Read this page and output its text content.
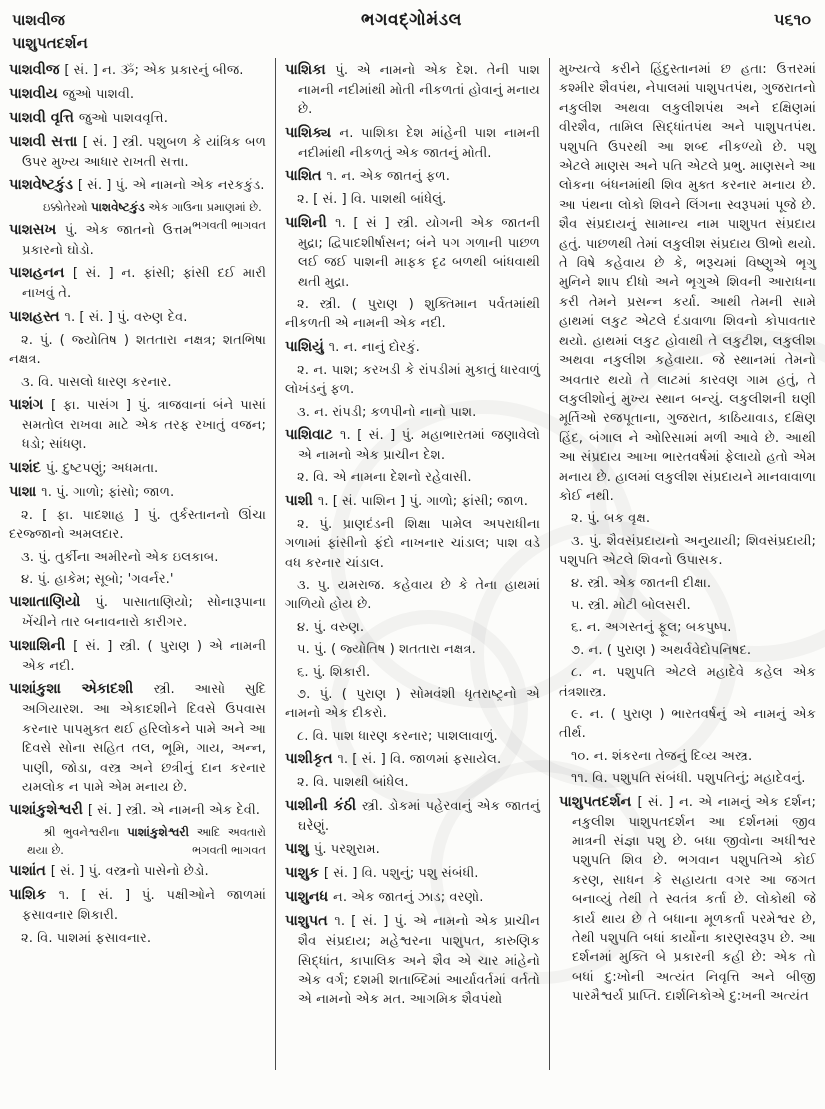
પાશવીજ	ભગવદ્ગોમંડલ	૫૬૧૦
પાશુપતદર્શન

પાશવીજ [ સં. ] ન. ૐ; એક પ્રકારનું બીજ.

પાશવીય જુઓ પાશવી.

પાશવી વૃત્તિ જુઓ પાશવવૃત્તિ.

પાશવી સત્તા [ સં. ] સ્ત્રી. પશુબળ કે યાંત્રિક બળ ઉપર મુખ્ય આધાર રાખતી સત્તા.

પાશવેષ્ટકુંડ [ સં. ] પું. એ નામનો એક નરકકુંડ.

ઇક્કોતેરમો પાશવેષ્ટકુંડ એક ગાઉના પ્રમાણમાં છે.
ભગવતી ભાગવત

પાશસખ પું. એક જાતનો ઉત્તમ પ્રકારનો ઘોડો.

પાશહનન [ સં. ] ન. ફાંસી; ફાંસી દઈ મારી નાખવું તે.

પાશહસ્ત ૧. [ સં. ] પું. વરુણ દેવ.

૨. પું. ( જ્યોતિષ ) શતતારા નક્ષત્ર; શતભિષા નક્ષત્ર.

૩. વિ. પાસલો ધારણ કરનાર.

પાશંગ [ ફા. પાસંગ ] પું. ત્રાજવાનાં બંને પાસાં સમતોલ રાખવા માટે એક તરફ રખાતું વજન; ધડો; સાંધણ.

પાશંદ પું. દુષ્ટપણું; અધમતા.

પાશા ૧. પું. ગાળો; ફાંસો; જાળ.

૨. [ ફા. પાદશાહ ] પું. તુર્કસ્તાનનો ઊંચા દરજ્જાનો અમલદાર.

૩. પું. તુર્કીના અમીરનો એક ઇલકાબ.

૪. પું. હાકેમ; સૂબો; 'ગવર્નર.'

પાશાતાણિયો પું. પાસાતાણિયો; સોનારૂપાના ખેંચીને તાર બનાવનારો કારીગર.

પાશાશિની [ સં. ] સ્ત્રી. ( પુરાણ ) એ નામની એક નદી.

પાશાંકુશા એકાદશી સ્ત્રી. આસો સુદિ અગિયારશ. આ એકાદશીને દિવસે ઉપવાસ કરનાર પાપમુક્ત થઈ હરિલોકને પામે અને આ દિવસે સોના સહિત તલ, ભૂમિ, ગાય, અન્ન, પાણી, જોડા, વસ્ત્ર અને છત્રીનું દાન કરનાર યમલોક ન પામે એમ મનાય છે.

પાશાંકુશેશ્વરી [ સં. ] સ્ત્રી. એ નામની એક દેવી.

શ્રી ભુવનેશ્વરીના પાશાંકુશેશ્વરી આદિ અવતારો થયા છે.	ભગવતી ભાગવત

પાશાંત [ સં. ] પું. વસ્ત્રનો પાસેનો છેડો.

પાશિક ૧. [ સં. ] પું. પક્ષીઓને જાળમાં ફસાવનાર શિકારી.

૨. વિ. પાશમાં ફસાવનાર.

પાશિકા પું. એ નામનો એક દેશ. તેની પાશ નામની નદીમાંથી મોતી નીકળતાં હોવાનું મનાય છે.

પાશિક્ય ન. પાશિકા દેશ માંહેની પાશ નામની નદીમાંથી નીકળતું એક જાતનું મોતી.

પાશિત ૧. ન. એક જાતનું ફળ.

૨. [ સં. ] વિ. પાશથી બાંધેલું.

પાશિની ૧. [ સં ] સ્ત્રી. યોગની એક જાતની મુદ્રા; દ્વિપાદશીર્ષાસન; બંને પગ ગળાની પાછળ લઈ જઈ પાશની માફક દૃઢ બળથી બાંધવાથી થતી મુદ્રા.

૨. સ્ત્રી. ( પુરાણ ) શુક્તિમાન પર્વતમાંથી નીકળતી એ નામની એક નદી.

પાશિયું ૧. ન. નાનું દોરકું.

૨. ન. પાશ; કરખડી કે રાંપડીમાં મુકાતું ધારવાળું લોખંડનું ફળ.

૩. ન. રાંપડી; કળપીનો નાનો પાશ.

પાશિવાટ ૧. [ સં. ] પું. મહાભારતમાં જણાવેલો એ નામનો એક પ્રાચીન દેશ.

૨. વિ. એ નામના દેશનો રહેવાસી.

પાશી ૧. [ સં. પાશિન ] પું. ગાળો; ફાંસી; જાળ.

૨. પું. પ્રાણદંડની શિક્ષા પામેલ અપરાધીના ગળામાં ફાંસીનો ફંદો નાખનાર ચાંડાલ; પાશ વડે વધ કરનાર ચાંડાલ.

૩. પુ. યમરાજ. કહેવાય છે કે તેના હાથમાં ગાળિયો હોય છે.

૪. પું. વરુણ.

૫. પું. ( જ્યોતિષ ) શતતારા નક્ષત્ર.

૬. પું. શિકારી.

૭. પું. ( પુરાણ ) સોમવંશી ધૃતરાષ્ટ્રનો એ નામનો એક દીકરો.

૮. વિ. પાશ ધારણ કરનાર; પાશલાવાળું.

પાશીકૃત ૧. [ સં. ] વિ. જાળમાં ફસાયેલ.

૨. વિ. પાશથી બાંધેલ.

પાશીની કંઠી સ્ત્રી. ડોકમાં પહેરવાનું એક જાતનું ઘરેણું.

પાશુ પું. પરશુરામ.

પાશુક [ સં. ] વિ. પશુનું; પશુ સંબંધી.

પાશુનધ ન. એક જાતનું ઝાડ; વરણો.

પાશુપત ૧. [ સં. ] પું. એ નામનો એક પ્રાચીન શૈવ સંપ્રદાય; મહેશ્વરના પાશુપત, કારુણિક સિદ્ધાંત, કાપાલિક અને શૈવ એ ચાર માંહેનો એક વર્ગ; દશમી શતાબ્દિમાં આર્યાવર્તમાં વર્તતો એ નામનો એક મત. આગમિક શૈવપંથો

મુખ્યત્વે કરીને હિંદુસ્તાનમાં છ હતા: ઉત્તરમાં કશ્મીર શૈવપંથ, નેપાલમાં પાશુપતપંથ, ગુજરાતનો નકુલીશ અથવા લકુલીશપંથ અને દક્ષિણમાં વીરશૈવ, તામિલ સિદ્ધાંતપંથ અને પાશુપતપંથ. પશુપતિ ઉપરથી આ શબ્દ નીકળ્યો છે. પશુ એટલે માણસ અને પતિ એટલે પ્રભુ. માણસને આ લોકના બંધનમાંથી શિવ મુક્ત કરનાર મનાય છે. આ પંથના લોકો શિવને લિંગના સ્વરૂપમાં પૂજે છે. શૈવ સંપ્રદાયનું સામાન્ય નામ પાશુપત સંપ્રદાય હતું. પાછળથી તેમાં લકુલીશ સંપ્રદાય ઊભો થયો. તે વિષે કહેવાય છે કે, ભરૂચમાં વિષ્ણુએ ભૃગુ મુનિને શાપ દીધો અને ભૃગુએ શિવની આરાધના કરી તેમને પ્રસન્ન કર્યા. આથી તેમની સામે હાથમાં લકુટ એટલે દંડાવાળા શિવનો કોપાવતાર થયો. હાથમાં લકુટ હોવાથી તે લકુટીશ, લકુલીશ અથવા નકુલીશ કહેવાયા. જે સ્થાનમાં તેમનો અવતાર થયો તે લાટમાં કારવણ ગામ હતું, તે લકુલીશોનું મુખ્ય સ્થાન બન્યું. લકુલીશની ઘણી મૂર્તિઓ રજપૂતાના, ગુજરાત, કાઠિયાવાડ, દક્ષિણ હિંદ, બંગાલ ને ઓરિસામાં મળી આવે છે. આથી આ સંપ્રદાય આખા ભારતવર્ષમાં ફેલાયો હતો એમ મનાય છે. હાલમાં લકુલીશ સંપ્રદાયને માનવાવાળા કોઈ નથી.

૨. પું. બક વૃક્ષ.

૩. પું. શૈવસંપ્રદાયનો અનુયાયી; શિવસંપ્રદાયી; પશુપતિ એટલે શિવનો ઉપાસક.

૪. સ્ત્રી. એક જાતની દીક્ષા.

૫. સ્ત્રી. મોટી બોલસરી.

૬. ન. અગસ્તનું ફૂલ; બકપુષ્પ.

૭. ન. ( પુરાણ ) અથર્વવેદોપનિષદ.

૮. ન. પશુપતિ એટલે મહાદેવે કહેલ એક તંત્રશાસ્ત્ર.

૯. ન. ( પુરાણ ) ભારતવર્ષનું એ નામનું એક તીર્થ.

૧૦. ન. શંકરના તેજનું દિવ્ય અસ્ત્ર.

૧૧. વિ. પશુપતિ સંબંધી. પશુપતિનું; મહાદેવનું.

પાશુપતદર્શન [ સં. ] ન. એ નામનું એક દર્શન; નકુલીશ પાશુપતદર્શન આ દર્શનમાં જીવ માત્રની સંજ્ઞા પશુ છે. બધા જીવોના અધીશ્વર પશુપતિ શિવ છે. ભગવાન પશુપતિએ કોઈ કરણ, સાધન કે સહાયતા વગર આ જગત બનાવ્યું તેથી તે સ્વતંત્ર કર્તા છે. લોકોથી જે કાર્ય થાય છે તે બધાના મૂળકર્તા પરમેશ્વર છે, તેથી પશુપતિ બધાં કાર્યોના કારણસ્વરૂપ છે. આ દર્શનમાં મુક્તિ બે પ્રકારની કહી છે: એક તો બધાં દુ:ખોની અત્યંત નિવૃત્તિ અને બીજી પારમૈશ્વર્ય પ્રાપ્તિ. દાર્શનિકોએ દુ:ખની અત્યંત
